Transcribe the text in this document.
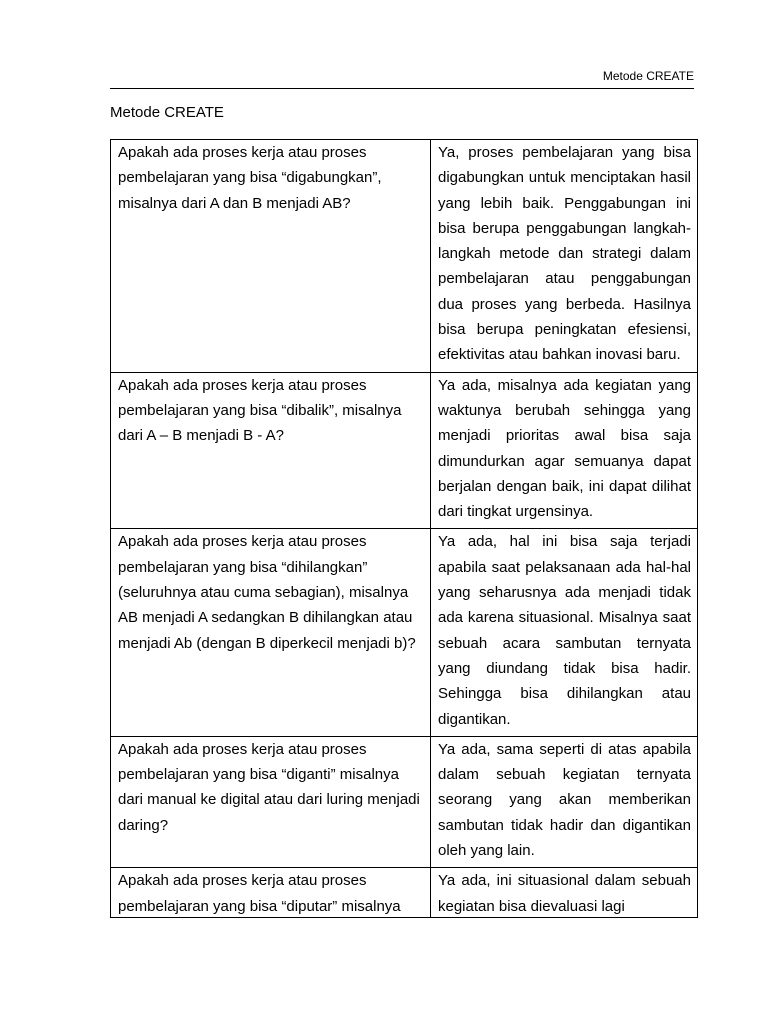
Metode CREATE
Metode CREATE
Apakah ada proses kerja atau proses pembelajaran yang bisa “digabungkan”, misalnya dari A dan B menjadi AB?	Ya, proses pembelajaran yang bisa digabungkan untuk menciptakan hasil yang lebih baik. Penggabungan ini bisa berupa penggabungan langkah-langkah metode dan strategi dalam pembelajaran atau penggabungan dua proses yang berbeda. Hasilnya bisa berupa peningkatan efesiensi, efektivitas atau bahkan inovasi baru.
Apakah ada proses kerja atau proses pembelajaran yang bisa “dibalik”, misalnya dari A – B menjadi B - A?	Ya ada, misalnya ada kegiatan yang waktunya berubah sehingga yang menjadi prioritas awal bisa saja dimundurkan agar semuanya dapat berjalan dengan baik, ini dapat dilihat dari tingkat urgensinya.
Apakah ada proses kerja atau proses pembelajaran yang bisa “dihilangkan” (seluruhnya atau cuma sebagian), misalnya AB menjadi A sedangkan B dihilangkan atau menjadi Ab (dengan B diperkecil menjadi b)?	Ya ada, hal ini bisa saja terjadi apabila saat pelaksanaan ada hal-hal yang seharusnya ada menjadi tidak ada karena situasional. Misalnya saat sebuah acara sambutan ternyata yang diundang tidak bisa hadir. Sehingga bisa dihilangkan atau digantikan.
Apakah ada proses kerja atau proses pembelajaran yang bisa “diganti” misalnya dari manual ke digital atau dari luring menjadi daring?	Ya ada, sama seperti di atas apabila dalam sebuah kegiatan ternyata seorang yang akan memberikan sambutan tidak hadir dan digantikan oleh yang lain.

Apakah ada proses kerja atau proses pembelajaran yang bisa “diputar” misalnya	Ya ada, ini situasional dalam sebuah kegiatan bisa dievaluasi lagi
